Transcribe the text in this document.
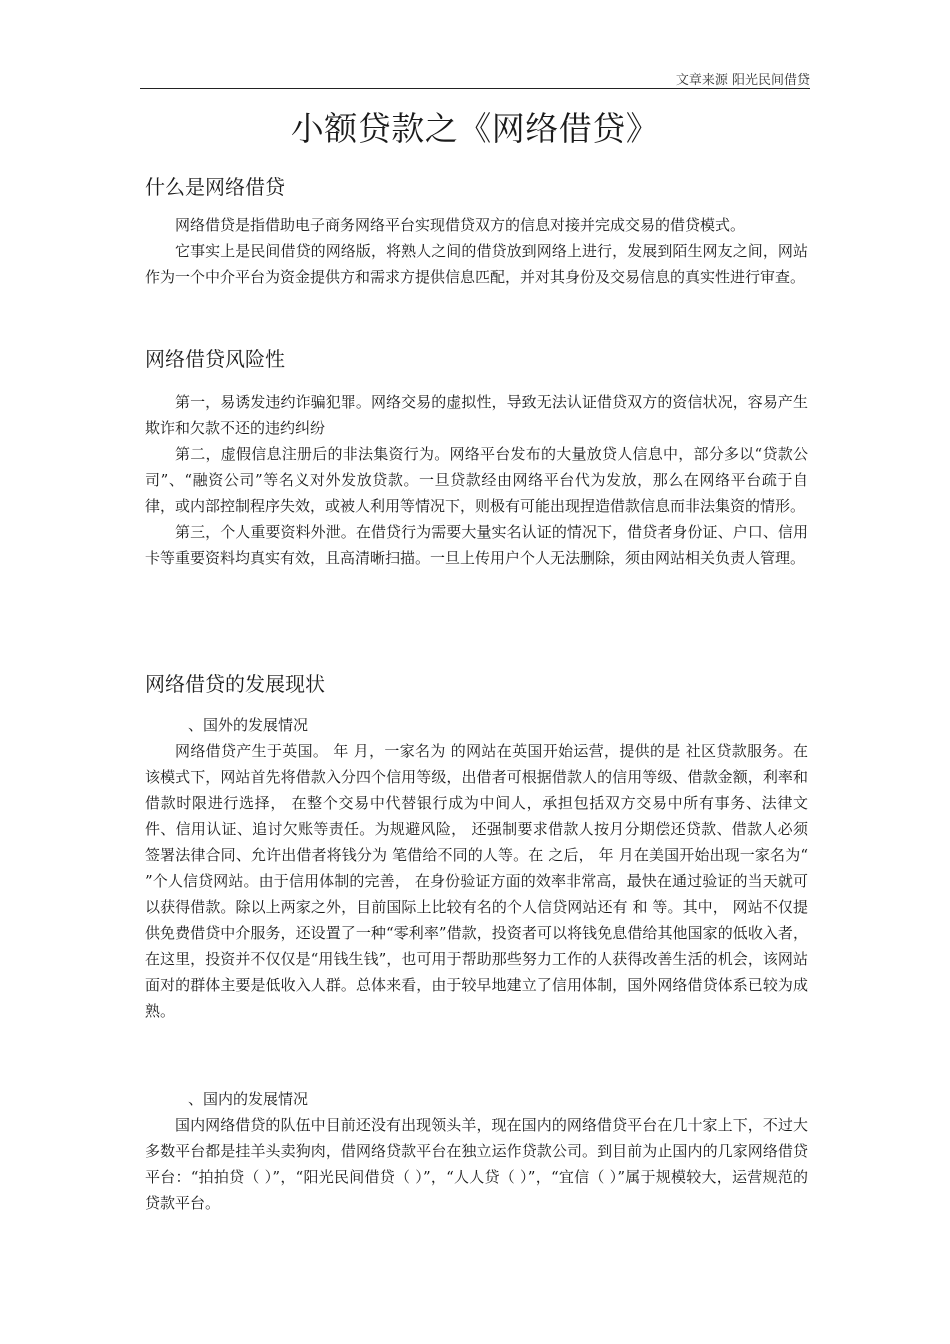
文章来源 阳光民间借贷
小额贷款之《网络借贷》
什么是网络借贷

网络借贷是指借助电子商务网络平台实现借贷双方的信息对接并完成交易的借贷模式。

它事实上是民间借贷的网络版，将熟人之间的借贷放到网络上进行，发展到陌生网友之间，网站作为一个中介平台为资金提供方和需求方提供信息匹配，并对其身份及交易信息的真实性进行审查。

网络借贷风险性

第一，易诱发违约诈骗犯罪。网络交易的虚拟性，导致无法认证借贷双方的资信状况，容易产生欺诈和欠款不还的违约纠纷

第二，虚假信息注册后的非法集资行为。网络平台发布的大量放贷人信息中，部分多以“贷款公司”、“融资公司”等名义对外发放贷款。一旦贷款经由网络平台代为发放，那么在网络平台疏于自律，或内部控制程序失效，或被人利用等情况下，则极有可能出现捏造借款信息而非法集资的情形。

第三，个人重要资料外泄。在借贷行为需要大量实名认证的情况下，借贷者身份证、户口、信用卡等重要资料均真实有效，且高清晰扫描。一旦上传用户个人无法删除，须由网站相关负责人管理。

网络借贷的发展现状

、国外的发展情况

网络借贷产生于英国。 年 月，一家名为 的网站在英国开始运营，提供的是 社区贷款服务。在该模式下，网站首先将借款入分四个信用等级，出借者可根据借款人的信用等级、借款金额，利率和借款时限进行选择， 在整个交易中代替银行成为中间人，承担包括双方交易中所有事务、法律文件、信用认证、追讨欠账等责任。为规避风险， 还强制要求借款人按月分期偿还贷款、借款人必须签署法律合同、允许出借者将钱分为 笔借给不同的人等。在 之后， 年 月在美国开始出现一家名为“ ”个人信贷网站。由于信用体制的完善， 在身份验证方面的效率非常高，最快在通过验证的当天就可以获得借款。除以上两家之外，目前国际上比较有名的个人信贷网站还有 和 等。其中， 网站不仅提供免费借贷中介服务，还设置了一种“零利率”借款，投资者可以将钱免息借给其他国家的低收入者，在这里，投资并不仅仅是“用钱生钱”，也可用于帮助那些努力工作的人获得改善生活的机会，该网站面对的群体主要是低收入人群。总体来看，由于较早地建立了信用体制，国外网络借贷体系已较为成熟。

、国内的发展情况

国内网络借贷的队伍中目前还没有出现领头羊，现在国内的网络借贷平台在几十家上下，不过大多数平台都是挂羊头卖狗肉，借网络贷款平台在独立运作贷款公司。到目前为止国内的几家网络借贷平台：“拍拍贷（ ）”，“阳光民间借贷（ ）”，“人人贷（ ）”，“宜信（ ）”属于规模较大，运营规范的贷款平台。
